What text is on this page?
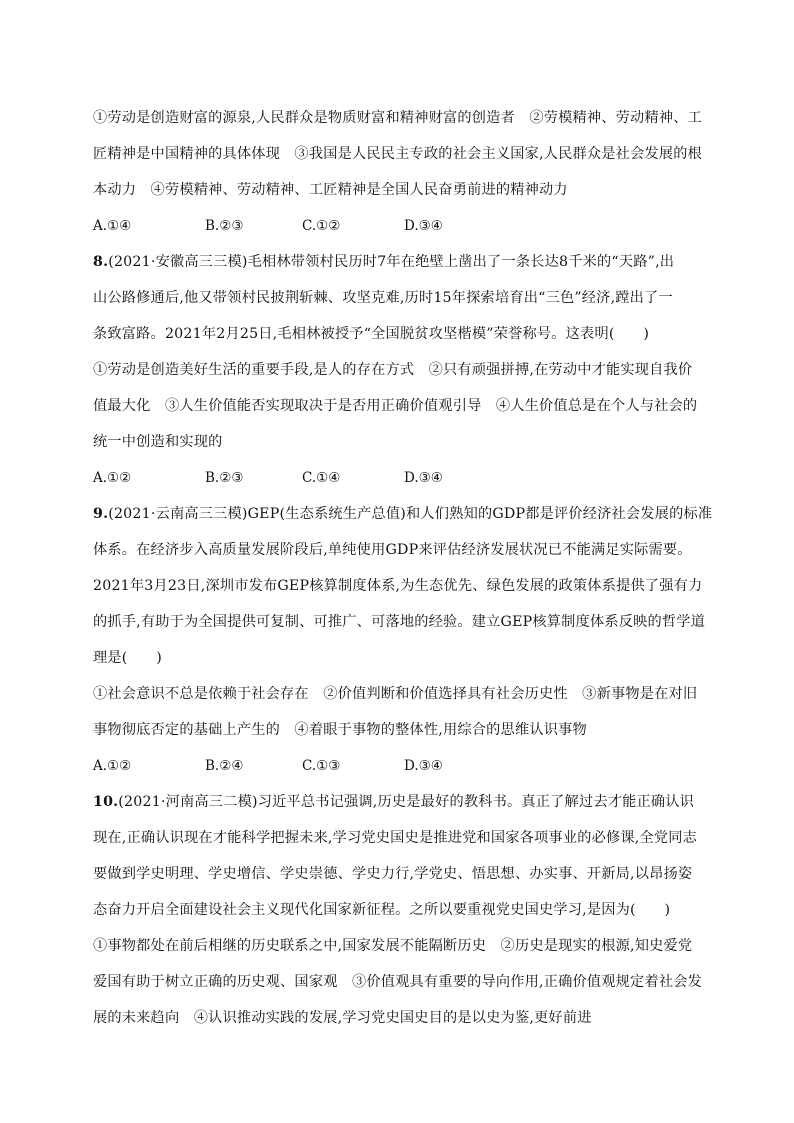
①劳动是创造财富的源泉,人民群众是物质财富和精神财富的创造者　②劳模精神、劳动精神、工
匠精神是中国精神的具体体现　③我国是人民民主专政的社会主义国家,人民群众是社会发展的根
本动力　④劳模精神、劳动精神、工匠精神是全国人民奋勇前进的精神动力
A.①④	B.②③	C.①②	D.③④
8.(2021·安徽高三三模)毛相林带领村民历时7年在绝壁上凿出了一条长达8千米的“天路”,出
山公路修通后,他又带领村民披荆斩棘、攻坚克难,历时15年探索培育出“三色”经济,蹚出了一
条致富路。2021年2月25日,毛相林被授予“全国脱贫攻坚楷模”荣誉称号。这表明(　　)
①劳动是创造美好生活的重要手段,是人的存在方式　②只有顽强拼搏,在劳动中才能实现自我价
值最大化　③人生价值能否实现取决于是否用正确价值观引导　④人生价值总是在个人与社会的
统一中创造和实现的
A.①②	B.②③	C.①④	D.③④
9.(2021·云南高三三模)GEP(生态系统生产总值)和人们熟知的GDP都是评价经济社会发展的标准
体系。在经济步入高质量发展阶段后,单纯使用GDP来评估经济发展状况已不能满足实际需要。
2021年3月23日,深圳市发布GEP核算制度体系,为生态优先、绿色发展的政策体系提供了强有力
的抓手,有助于为全国提供可复制、可推广、可落地的经验。建立GEP核算制度体系反映的哲学道
理是(　　)
①社会意识不总是依赖于社会存在　②价值判断和价值选择具有社会历史性　③新事物是在对旧
事物彻底否定的基础上产生的　④着眼于事物的整体性,用综合的思维认识事物
A.①②	B.②④	C.①③	D.③④
10.(2021·河南高三二模)习近平总书记强调,历史是最好的教科书。真正了解过去才能正确认识
现在,正确认识现在才能科学把握未来,学习党史国史是推进党和国家各项事业的必修课,全党同志
要做到学史明理、学史增信、学史崇德、学史力行,学党史、悟思想、办实事、开新局,以昂扬姿
态奋力开启全面建设社会主义现代化国家新征程。之所以要重视党史国史学习,是因为(　　)
①事物都处在前后相继的历史联系之中,国家发展不能隔断历史　②历史是现实的根源,知史爱党
爱国有助于树立正确的历史观、国家观　③价值观具有重要的导向作用,正确价值观规定着社会发
展的未来趋向　④认识推动实践的发展,学习党史国史目的是以史为鉴,更好前进
